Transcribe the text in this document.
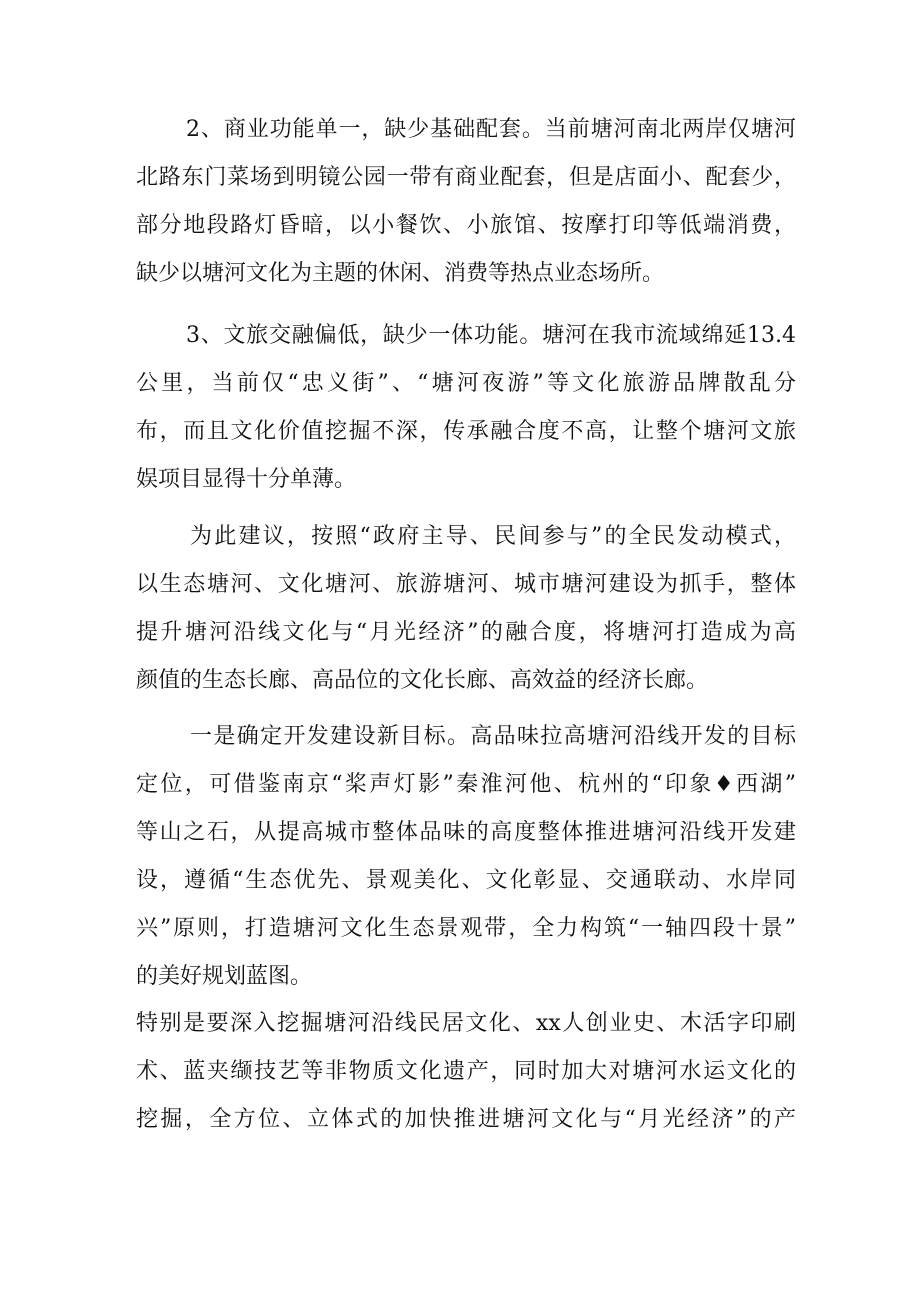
2、商业功能单一，缺少基础配套。当前塘河南北两岸仅塘河
北路东门菜场到明镜公园一带有商业配套，但是店面小、配套少，
部分地段路灯昏暗，以小餐饮、小旅馆、按摩打印等低端消费，
缺少以塘河文化为主题的休闲、消费等热点业态场所。
3、文旅交融偏低，缺少一体功能。塘河在我市流域绵延13.4
公里，当前仅“忠义街”、“塘河夜游”等文化旅游品牌散乱分
布，而且文化价值挖掘不深，传承融合度不高，让整个塘河文旅
娱项目显得十分单薄。
为此建议，按照“政府主导、民间参与”的全民发动模式，
以生态塘河、文化塘河、旅游塘河、城市塘河建设为抓手，整体
提升塘河沿线文化与“月光经济”的融合度，将塘河打造成为高
颜值的生态长廊、高品位的文化长廊、高效益的经济长廊。
一是确定开发建设新目标。高品味拉高塘河沿线开发的目标
定位，可借鉴南京“桨声灯影”秦淮河他、杭州的“印象♦西湖”
等山之石，从提高城市整体品味的高度整体推进塘河沿线开发建
设，遵循“生态优先、景观美化、文化彰显、交通联动、水岸同
兴”原则，打造塘河文化生态景观带，全力构筑“一轴四段十景”
的美好规划蓝图。
特别是要深入挖掘塘河沿线民居文化、xx人创业史、木活字印刷
术、蓝夹缬技艺等非物质文化遗产，同时加大对塘河水运文化的
挖掘，全方位、立体式的加快推进塘河文化与“月光经济”的产
